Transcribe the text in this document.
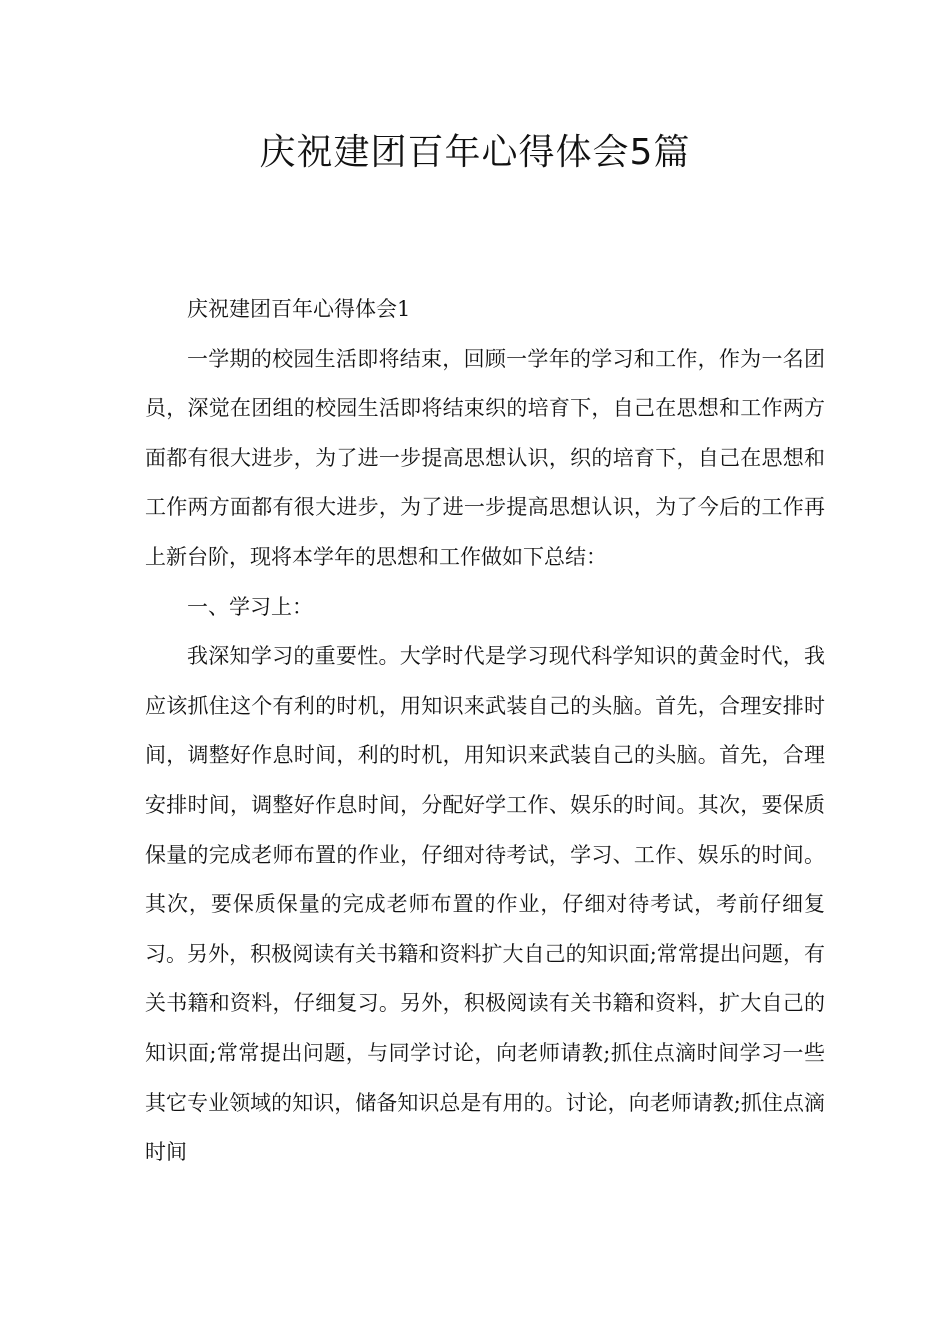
庆祝建团百年心得体会5篇

庆祝建团百年心得体会1

一学期的校园生活即将结束，回顾一学年的学习和工作，作为一名团员，深觉在团组的校园生活即将结束织的培育下，自己在思想和工作两方面都有很大进步，为了进一步提高思想认识，织的培育下，自己在思想和工作两方面都有很大进步，为了进一步提高思想认识，为了今后的工作再上新台阶，现将本学年的思想和工作做如下总结：

一、学习上：

我深知学习的重要性。大学时代是学习现代科学知识的黄金时代，我应该抓住这个有利的时机，用知识来武装自己的头脑。首先，合理安排时间，调整好作息时间，利的时机，用知识来武装自己的头脑。首先，合理安排时间，调整好作息时间，分配好学工作、娱乐的时间。其次，要保质保量的完成老师布置的作业，仔细对待考试，学习、工作、娱乐的时间。其次，要保质保量的完成老师布置的作业，仔细对待考试，考前仔细复习。另外，积极阅读有关书籍和资料扩大自己的知识面;常常提出问题，有关书籍和资料，仔细复习。另外，积极阅读有关书籍和资料，扩大自己的知识面;常常提出问题，与同学讨论，向老师请教;抓住点滴时间学习一些其它专业领域的知识，储备知识总是有用的。讨论，向老师请教;抓住点滴时间
